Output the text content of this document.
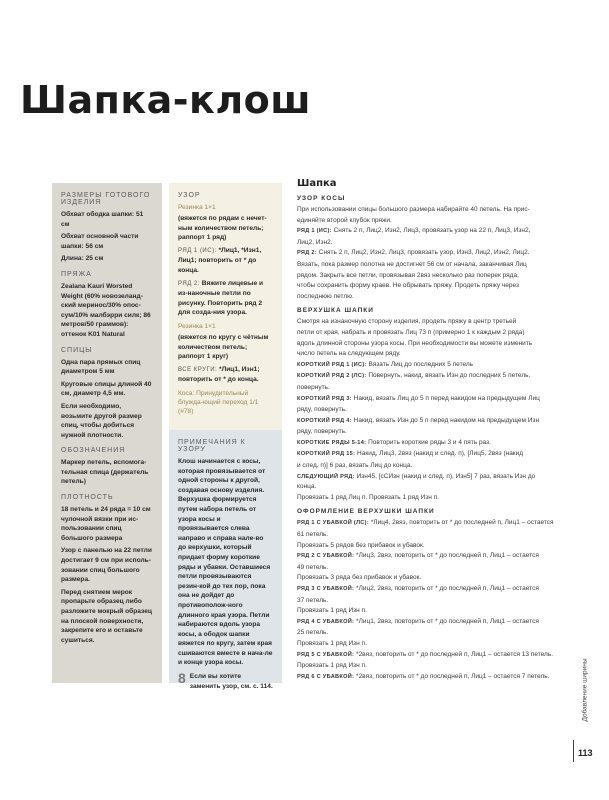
Шапка-клош
РАЗМЕРЫ ГОТОВОГО ИЗДЕЛИЯ

Обхват ободка шапки: 51 см

Обхват основной части шапки: 56 см

Длина: 25 см

ПРЯЖА

Zealana Kauri Worsted Weight (60% новозеланд-ский меринос/30% опос-сум/10% малбэрри силк; 86 метров/50 граммов): оттенок K01 Natural

СПИЦЫ

Одна пара прямых спиц диаметром 5 мм

Круговые спицы длиной 40 см, диаметр 4,5 мм.

Если необходимо, возьмите другой размер спиц, чтобы добиться нужной плотности.

ОБОЗНАЧЕНИЯ

Маркер петель, вспомога-тельная спица (держатель петель)

ПЛОТНОСТЬ

18 петель и 24 ряда = 10 см чулочной вязки при ис-пользовании спиц большого размера

Узор с панелью на 22 петли достигает 9 см при исполь-зовании спиц большого размера.

Перед снятием мерок пропарьте образец либо разложите мокрый образец на плоской поверхности, закрепите его и оставьте сушиться.

УЗОР
Резинка 1×1

(вяжется по рядам с нечет-ным количеством петель; раппорт 1 ряд)

РЯД 1 (ИС): *Лиц1, *Изн1, Лиц1; повторить от * до конца.

РЯД 2: Вяжите лицевые и из-наночные петли по рисунку. Повторить ряд 2 для созда-ния узора.

Резинка 1×1

(вяжется по кругу с чётным количеством петель; раппорт 1 круг)

ВСЕ КРУГИ: *Лиц1, Изн1; повторить от * до конца.

Коса: Принудительный блужда-ющий переход 1/1 (#78)
ПРИМЕЧАНИЯ К УЗОРУ

Клош начинается с косы, которая провязывается от одной стороны к другой, создавая основу изделия. Верхушка формируется путем набора петель от узора косы и провязывается слева направо и справа нале-во до верхушки, который придает форму короткие ряды и убавки. Оставшиеся петли провязываются резин-кой до тех пор, пока она не дойдет до противополож-ного длинного края узора. Петли набираются вдоль узора косы, а ободок шапки вяжется по кругу, затем края сшиваются вместе в нача-ле и конце узора косы.

8 Если вы хотите заменить узор, см. с. 114.

Шапка
УЗОР КОСЫ

При использовании спицы большого размера набирайте 40 петель. На прис-

единяйте второй клубок пряжи.

РЯД 1 (ИС): Снять 2 п, Лиц2, Изн2, Лиц3, провязать узор на 22 п, Лиц3, Изн2,

Лиц2, Изн2.

РЯД 2: Снять 2 п, Лиц2, Изн2, Лиц3, провязать узор, Изн3, Лиц2, Изн2, Лиц2.

Вязать, пока размер полотна не достигнет 56 см от начала, заканчивая Лиц

рядом. Закрыть все петли, провязывая 2вяз несколько раз поперек ряда,

чтобы сохранить форму краев. Не обрывать пряжу. Продеть пряжу через

последнюю петлю.

ВЕРХУШКА ШАПКИ

Смотря на изнаночную сторону изделия, продеть пряжу в центр третьей

петли от края, набрать и провязать Лиц 73 п (примерно 1 к каждым 2 ряда)

вдоль длинной стороны узора косы. При необходимости вы можете изменить

число петель на следующем ряду.

КОРОТКИЙ РЯД 1 (ИС): Вязать Лиц до последних 5 петель

КОРОТКИЙ РЯД 2 (ЛС): Повернуть, накид, вязать Изн до последних 5 петель,

повернуть.

КОРОТКИЙ РЯД 3: Накид, вязать Лиц до 5 п перед накидом на предыдущем Лиц

ряду, повернуть.

КОРОТКИЙ РЯД 4: Накид, вязать Изн до 5 п перед накидом на предыдущем Изн

ряду, повернуть.

КОРОТКИЕ РЯДЫ 5-14: Повторить короткие ряды 3 и 4 пять раз.

КОРОТКИЙ РЯД 15: Накид, Лиц3, 2вяз (накид и след. п), [Лиц5, 2вяз (накид

и след. п)] 6 раз, вязать Лиц до конца.

СЛЕДУЮЩИЙ РЯД: Изн45, [сСИзн (накид и след. п), Изн5] 7 раз, вязать Изн до конца.

Провязать 1 ряд Лиц п. Провязать 1 ряд Изн п.

ОФОРМЛЕНИЕ ВЕРХУШКИ ШАПКИ

РЯД 1 С УБАВКОЙ (ЛС): *Лиц4, 2вяз, повторить от * до последней п, Лиц1 – остается

61 петель.

Провязать 5 рядов без прибавок и убавок.

РЯД 2 С УБАВКОЙ: *Лиц3, 2вяз, повторить от * до последней п, Лиц1 – остается

49 петель.

Провязать 3 ряда без прибавок и убавок.

РЯД 3 С УБАВКОЙ: *Лиц2, 2вяз, повторить от * до последней п, Лиц1 – остается

37 петель.

Провязать 1 ряд Изн п.

РЯД 4 С УБАВКОЙ: *Лиц1, 2вяз, повторить от * до последней п, Лиц1 – остается

25 петель.

Провязать 1 ряд Изн п.

РЯД 5 С УБАВКОЙ: *2вяз, повторить от * до последней п, Лиц1 – остается 13 петель.

Провязать 1 ряд Изн п.

РЯД 6 С УБАВКОЙ: *2вяз, повторить от * до последней п, Лиц1 – остается 7 петель.	Добавление ширины
113
